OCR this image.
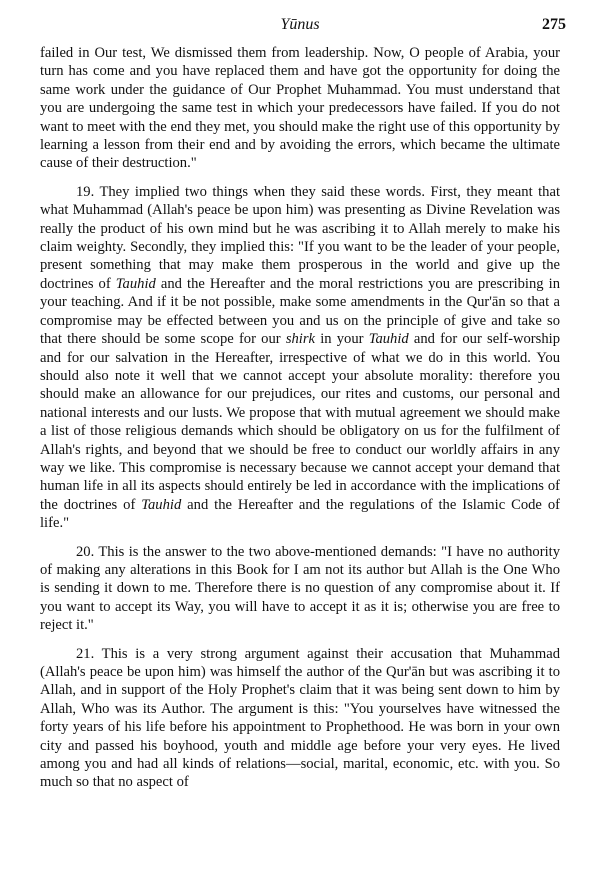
Yūnus	275

failed in Our test, We dismissed them from leadership. Now, O people of Arabia, your turn has come and you have replaced them and have got the opportunity for doing the same work under the guidance of Our Prophet Muhammad. You must understand that you are undergoing the same test in which your predecessors have failed. If you do not want to meet with the end they met, you should make the right use of this opportunity by learning a lesson from their end and by avoiding the errors, which became the ultimate cause of their destruction."

19. They implied two things when they said these words. First, they meant that what Muhammad (Allah's peace be upon him) was presenting as Divine Revelation was really the product of his own mind but he was ascribing it to Allah merely to make his claim weighty. Secondly, they implied this: "If you want to be the leader of your people, present something that may make them prosperous in the world and give up the doctrines of Tauhid and the Hereafter and the moral restrictions you are prescribing in your teaching. And if it be not possible, make some amendments in the Qur'ān so that a compromise may be effected between you and us on the principle of give and take so that there should be some scope for our shirk in your Tauhid and for our self-worship and for our salvation in the Hereafter, irrespective of what we do in this world. You should also note it well that we cannot accept your absolute morality: therefore you should make an allowance for our prejudices, our rites and customs, our personal and national interests and our lusts. We propose that with mutual agreement we should make a list of those religious demands which should be obligatory on us for the fulfilment of Allah's rights, and beyond that we should be free to conduct our worldly affairs in any way we like. This compromise is necessary because we cannot accept your demand that human life in all its aspects should entirely be led in accordance with the implications of the doctrines of Tauhid and the Hereafter and the regulations of the Islamic Code of life."

20. This is the answer to the two above-mentioned demands: "I have no authority of making any alterations in this Book for I am not its author but Allah is the One Who is sending it down to me. Therefore there is no question of any compromise about it. If you want to accept its Way, you will have to accept it as it is; otherwise you are free to reject it."

21. This is a very strong argument against their accusation that Muhammad (Allah's peace be upon him) was himself the author of the Qur'ān but was ascribing it to Allah, and in support of the Holy Prophet's claim that it was being sent down to him by Allah, Who was its Author. The argument is this: "You yourselves have witnessed the forty years of his life before his appointment to Prophethood. He was born in your own city and passed his boyhood, youth and middle age before your very eyes. He lived among you and had all kinds of relations—social, marital, economic, etc. with you. So much so that no aspect of
